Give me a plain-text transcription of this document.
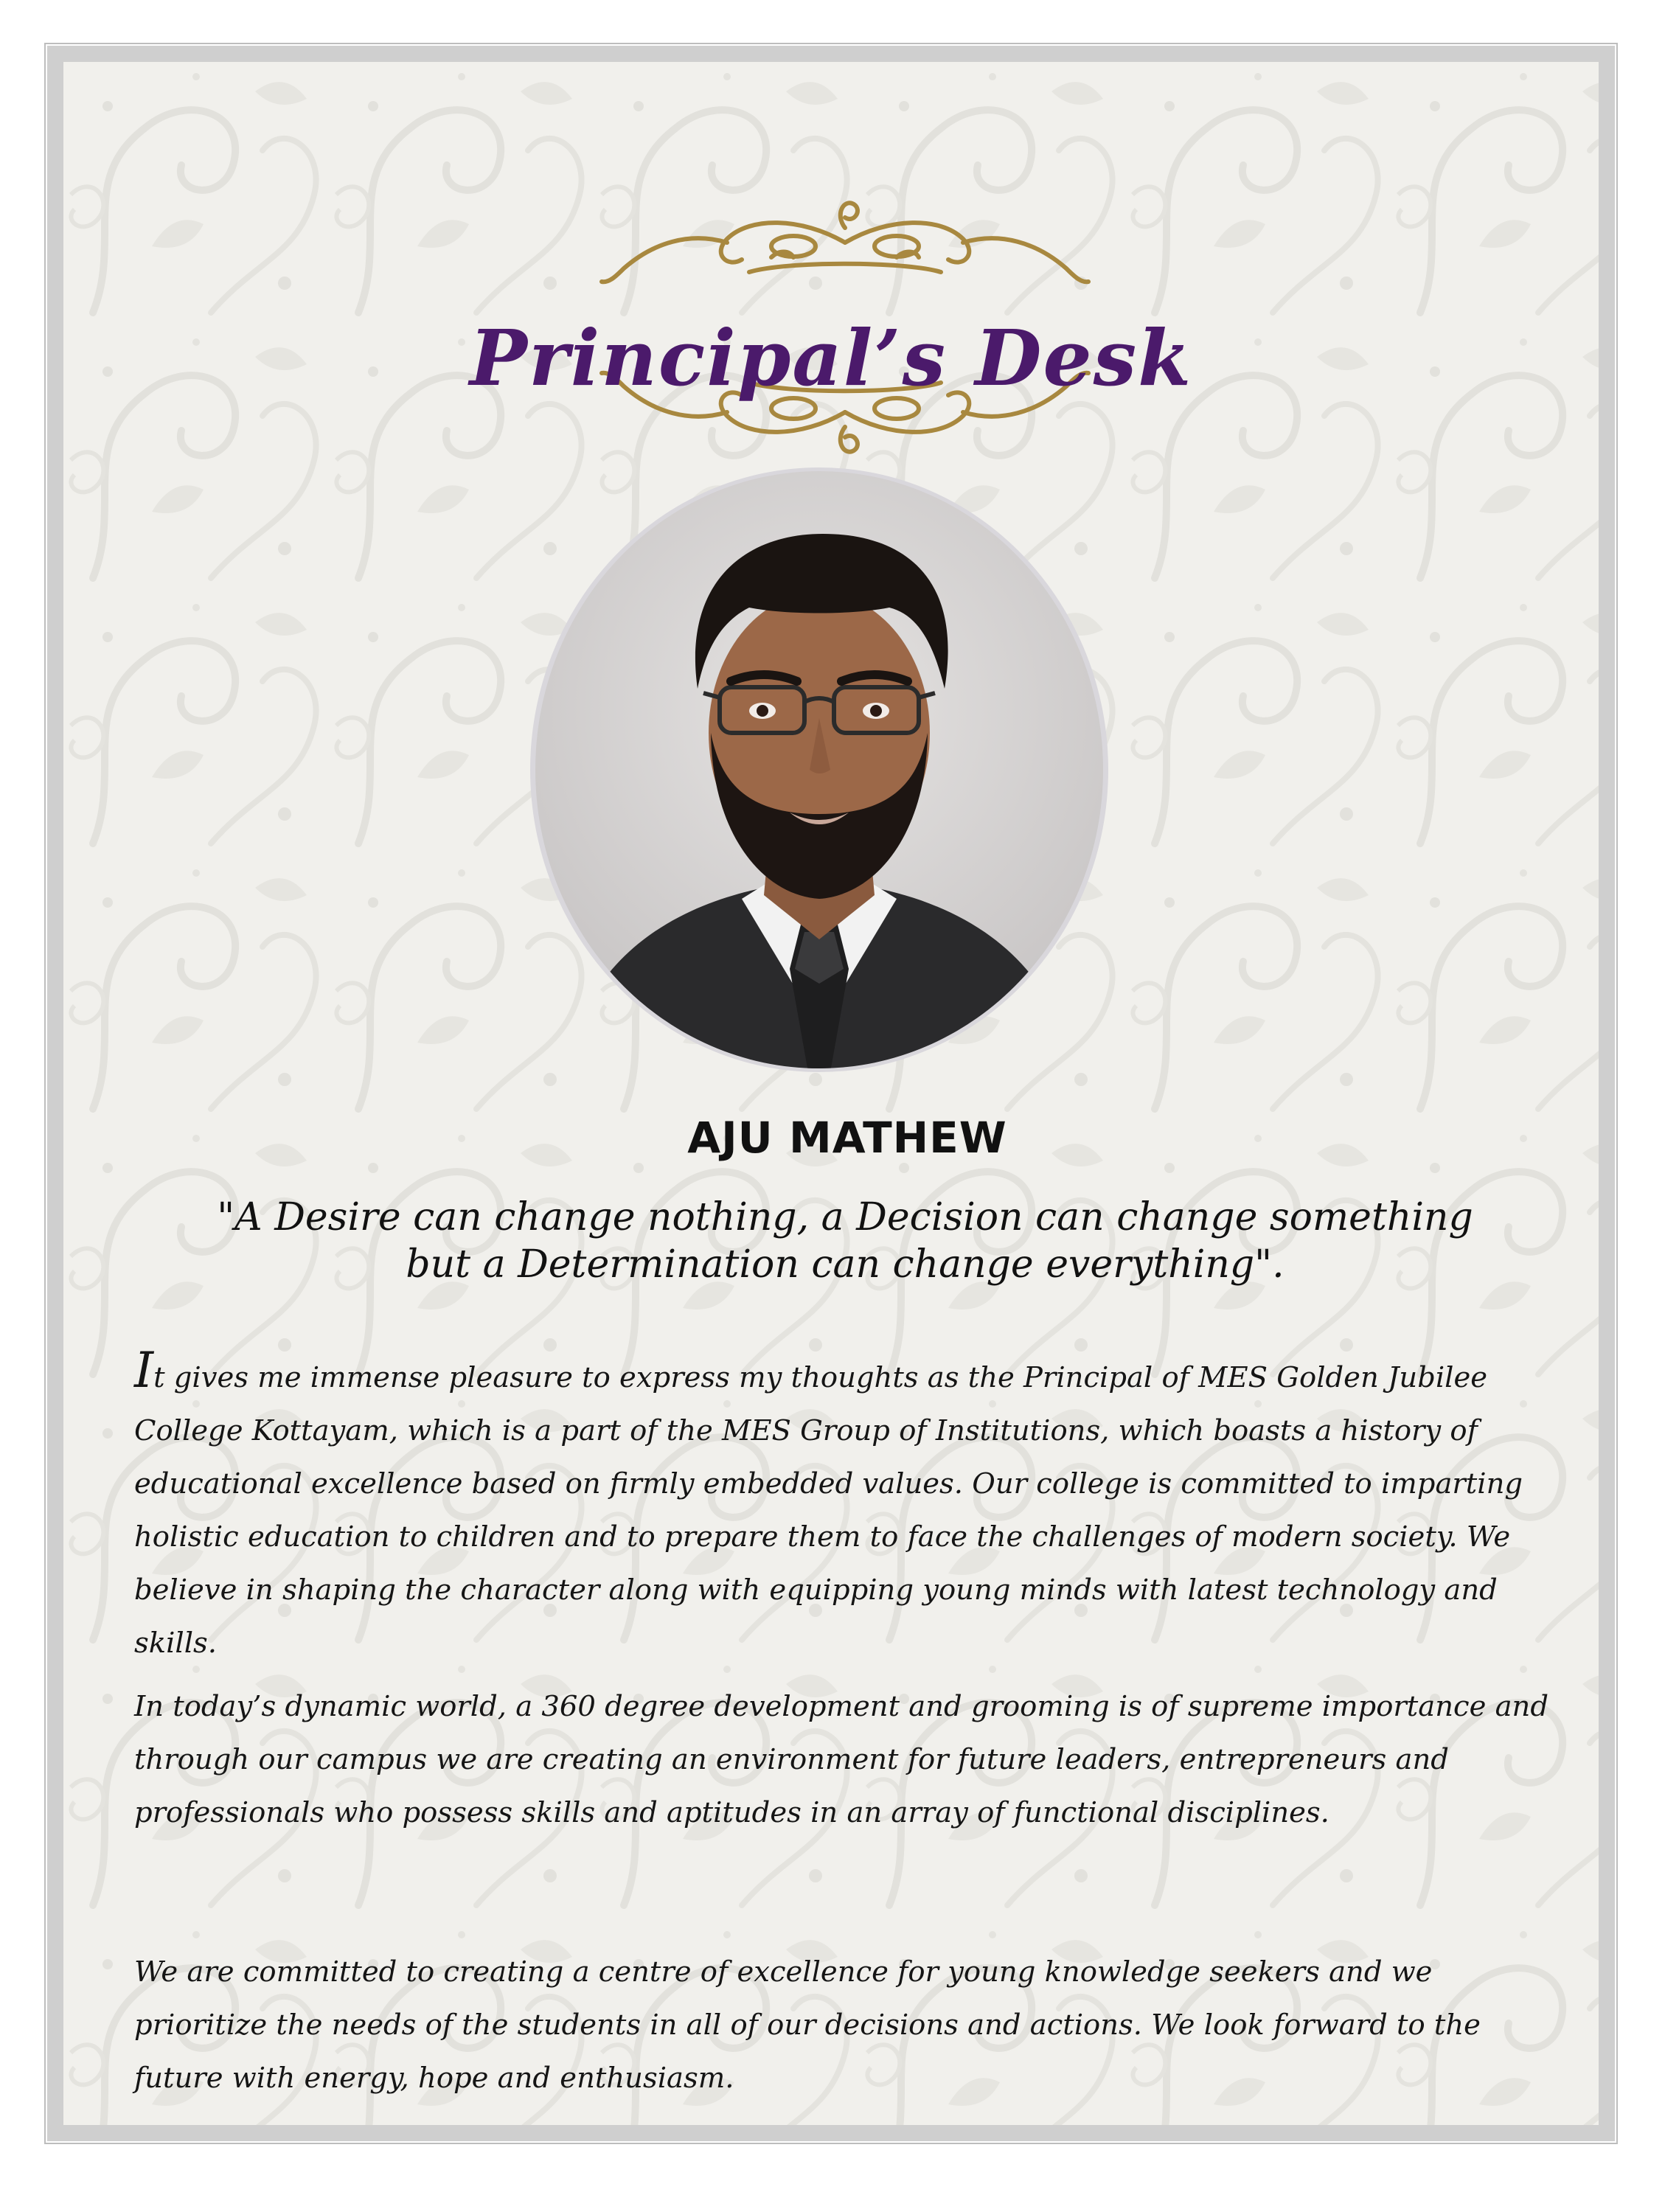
Principal’s Desk
AJU MATHEW
"A Desire can change nothing, a Decision can change something
but a Determination can change everything".
It gives me immense pleasure to express my thoughts as the Principal of MES Golden Jubilee College Kottayam, which is a part of the MES Group of Institutions, which boasts a history of educational excellence based on firmly embedded values. Our college is committed to imparting holistic education to children and to prepare them to face the challenges of modern society. We believe in shaping the character along with equipping young minds with latest technology and skills.
In today’s dynamic world, a 360 degree development and grooming is of supreme importance and through our campus we are creating an environment for future leaders, entrepreneurs and professionals who possess skills and aptitudes in an array of functional disciplines.
We are committed to creating a centre of excellence for young knowledge seekers and we prioritize the needs of the students in all of our decisions and actions. We look forward to the future with energy, hope and enthusiasm.
